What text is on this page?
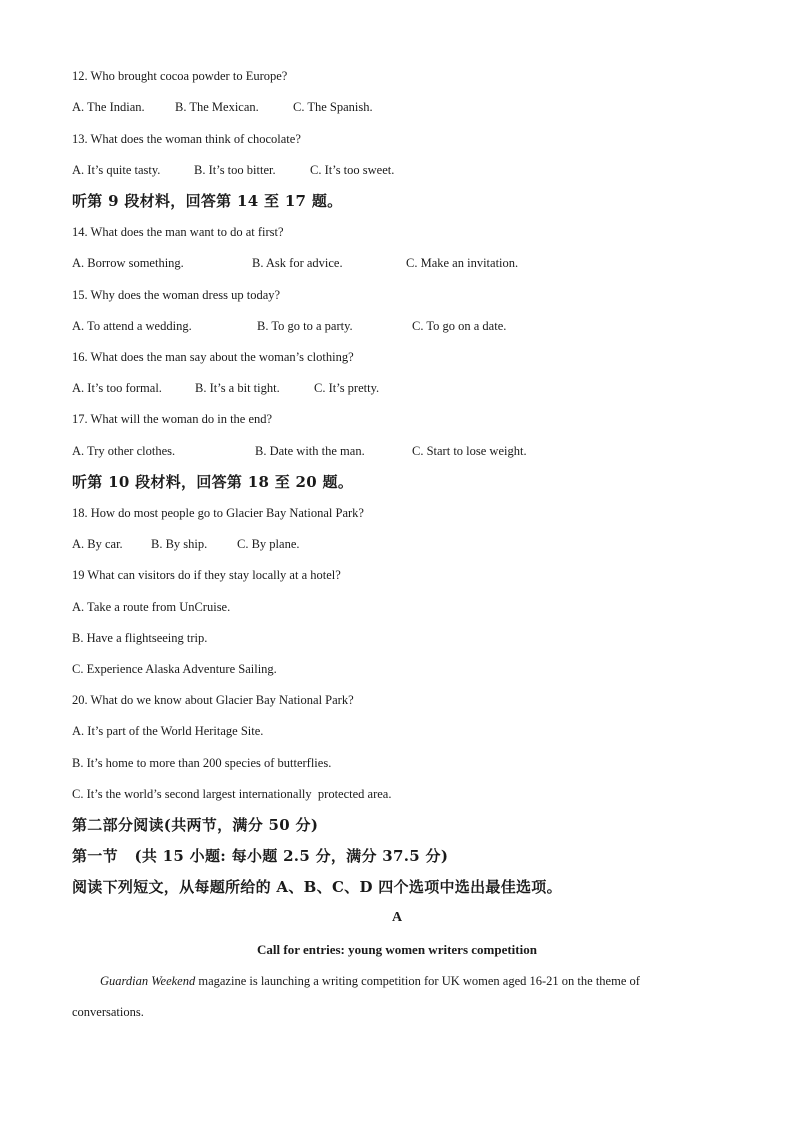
12. Who brought cocoa powder to Europe?
A. The Indian. B. The Mexican.	C. The Spanish.
13. What does the woman think of chocolate?
A. It’s quite tasty.	B. It’s too bitter.	C. It’s too sweet.
听第 9 段材料，回答第 14 至 17 题。
14. What does the man want to do at first?
A. Borrow something.	B. Ask for advice.	C. Make an invitation.
15. Why does the woman dress up today?
A. To attend a wedding.	B. To go to a party.	C. To go on a date.
16. What does the man say about the woman’s clothing?
A. It’s too formal.	B. It’s a bit tight.	C. It’s pretty.
17. What will the woman do in the end?
A. Try other clothes.	B. Date with the man.	C. Start to lose weight.
听第 10 段材料，回答第 18 至 20 题。
18. How do most people go to Glacier Bay National Park?
A. By car. B. By ship. C. By plane.
19 What can visitors do if they stay locally at a hotel?
A. Take a route from UnCruise.
B. Have a flightseeing trip.
C. Experience Alaska Adventure Sailing.
20. What do we know about Glacier Bay National Park?
A. It’s part of the World Heritage Site.
B. It’s home to more than 200 species of butterflies.
C. It’s the world’s second largest internationally  protected area.
第二部分阅读(共两节，满分 50 分)
第一节   (共 15 小题: 每小题 2.5 分，满分 37.5 分)
阅读下列短文，从每题所给的 A、B、C、D 四个选项中选出最佳选项。
A
Call for entries: young women writers competition
Guardian Weekend magazine is launching a writing competition for UK women aged 16-21 on the theme of conversations.
